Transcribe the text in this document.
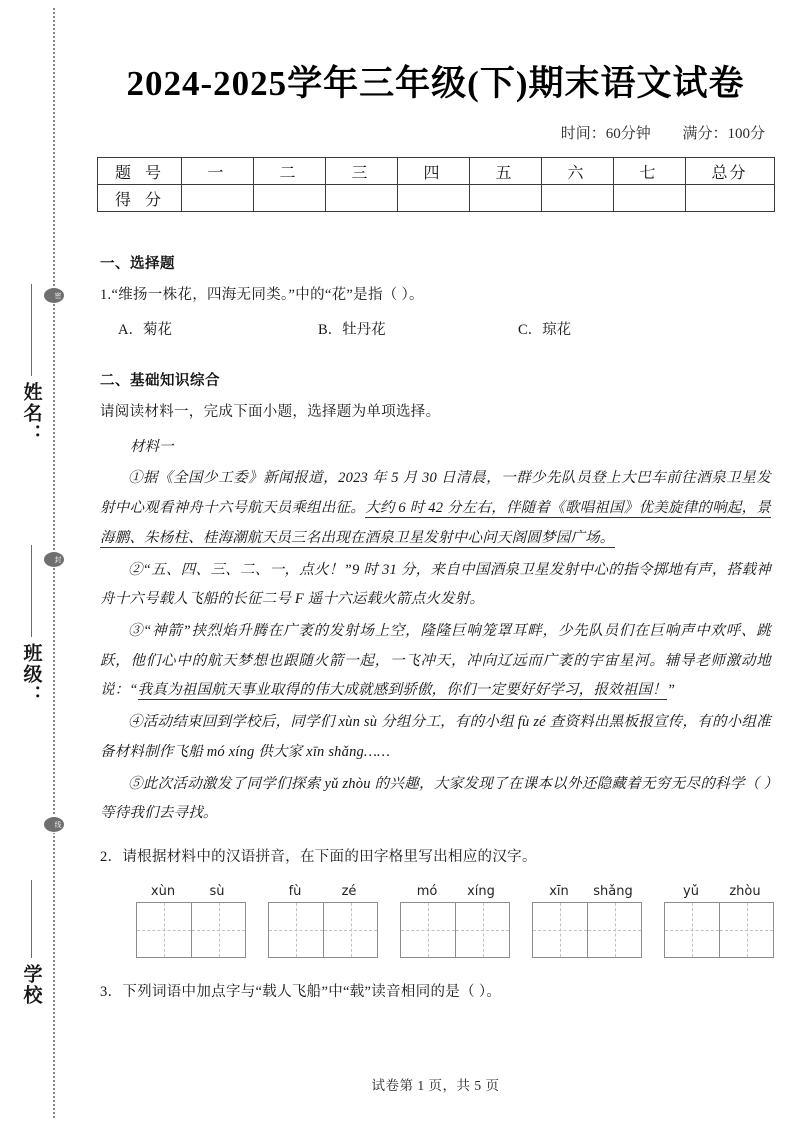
密
封
线
姓名：
班级：
学校
2024-2025学年三年级(下)期末语文试卷
时间：60分钟 满分：100分
题 号	一	二	三	四	五	六	七	总分
得 分								
一、选择题
1.“维扬一株花，四海无同类。”中的“花”是指（ ）。
A．菊花	B．牡丹花	C．琼花
二、基础知识综合
请阅读材料一，完成下面小题，选择题为单项选择。
材料一

①据《全国少工委》新闻报道，2023 年 5 月 30 日清晨，一群少先队员登上大巴车前往酒泉卫星发射中心观看神舟十六号航天员乘组出征。大约 6 时 42 分左右，伴随着《歌唱祖国》优美旋律的响起，景海鹏、朱杨柱、桂海潮航天员三名出现在酒泉卫星发射中心问天阁圆梦园广场。

②“五、四、三、二、一，点火！”9 时 31 分，来自中国酒泉卫星发射中心的指令掷地有声，搭载神舟十六号载人飞船的长征二号 F 遥十六运载火箭点火发射。

③“神箭”挟烈焰升腾在广袤的发射场上空，隆隆巨响笼罩耳畔，少先队员们在巨响声中欢呼、跳跃，他们心中的航天梦想也跟随火箭一起，一飞冲天，冲向辽远而广袤的宇宙星河。辅导老师激动地说：“我真为祖国航天事业取得的伟大成就感到骄傲，你们一定要好好学习，报效祖国！”

④活动结束回到学校后，同学们 xùn sù 分组分工，有的小组 fù zé 查资料出黑板报宣传，有的小组准备材料制作飞船 mó xíng 供大家 xīn shǎng……

⑤此次活动激发了同学们探索 yǔ zhòu 的兴趣，大家发现了在课本以外还隐藏着无穷无尽的科学（ ）等待我们去寻找。

2．请根据材料中的汉语拼音，在下面的田字格里写出相应的汉字。
xùn	sù	fù	zé	mó	xíng	xīn	shǎng	yǔ	zhòu
3．下列词语中加点字与“载人飞船”中“载”读音相同的是（ ）。
试卷第 1 页，共 5 页
